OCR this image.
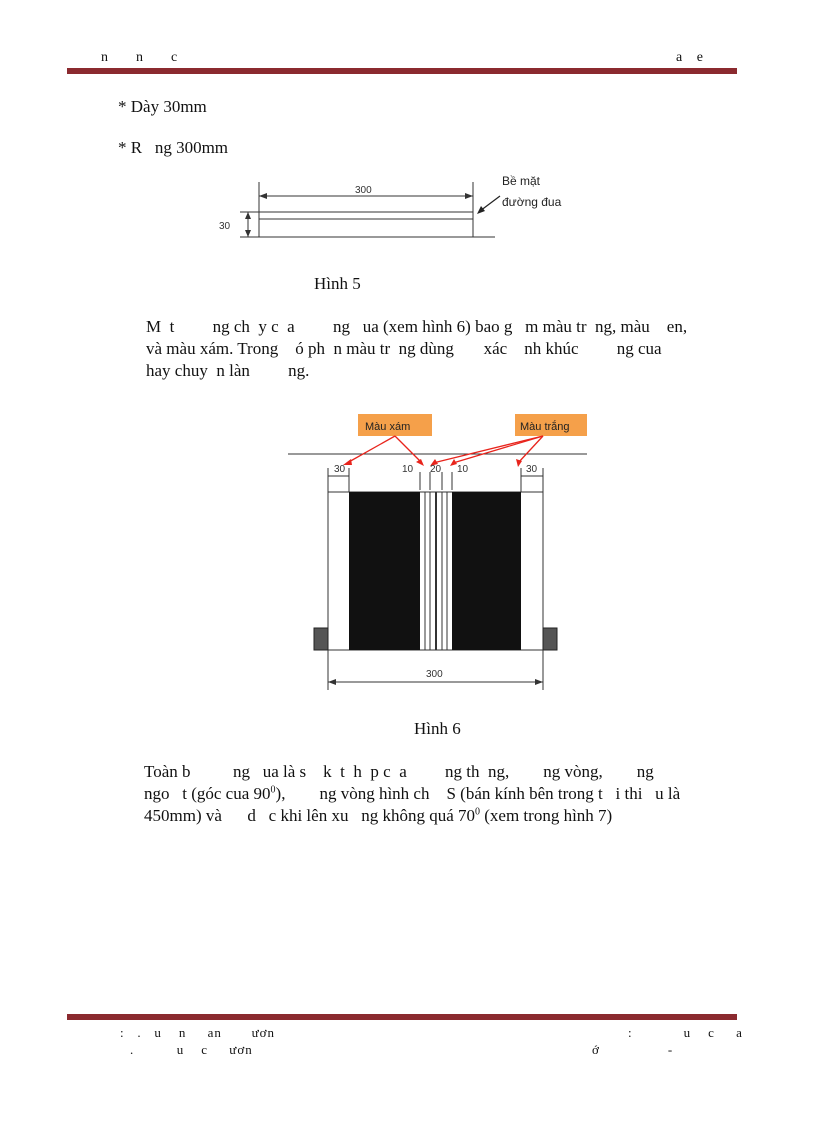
n      n      c	a   e
* Dày 30mm
* R   ng 300mm
300
30
Bề mặt
đường đua
Hình 5
M  t         ng ch  y c  a         ng   ua (xem hình 6) bao g   m màu tr  ng, màu    en,
và màu xám. Trong    ó ph  n màu tr  ng dùng       xác    nh khúc         ng cua
hay chuy  n làn         ng.
Màu xám	Màu trắng
30	10 20 10	30
300
Hình 6
Toàn b          ng   ua là s    k  t  h  p c  a         ng th  ng,        ng vòng,        ng
ngo   t (góc cua $90^0$),        ng vòng hình ch    S (bán kính bên trong t   i thi   u là
450mm) và      d   c khi lên xu   ng không quá $70^0$ (xem trong hình 7)
:   .   u    n     an       ươn	:            u    c     a
.          u    c     ươn	ớ                -
